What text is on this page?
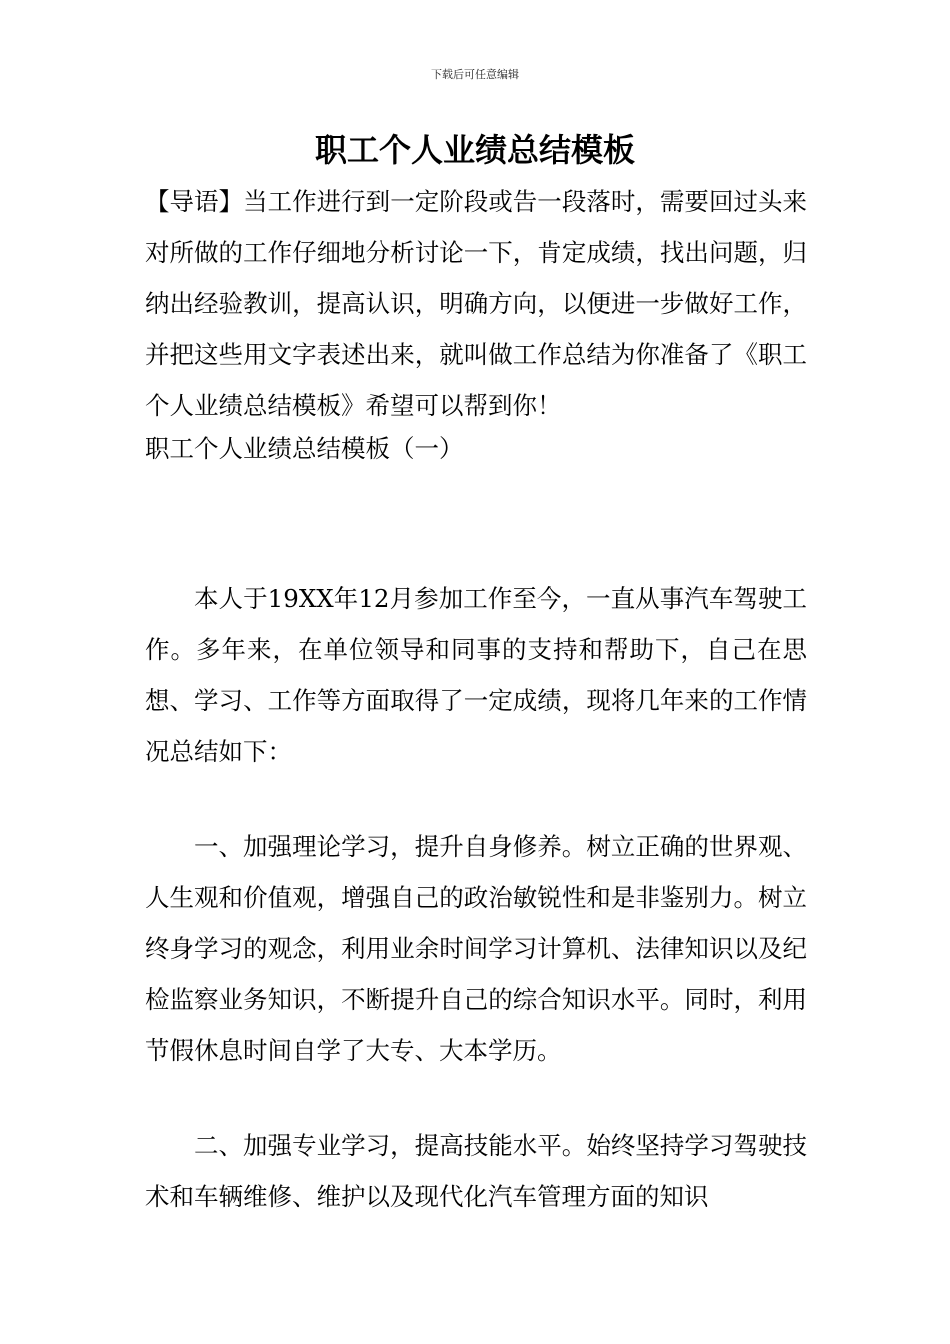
下载后可任意编辑
职工个人业绩总结模板
【导语】当工作进行到一定阶段或告一段落时，需要回过头来对所做的工作仔细地分析讨论一下，肯定成绩，找出问题，归纳出经验教训，提高认识，明确方向，以便进一步做好工作，并把这些用文字表述出来，就叫做工作总结为你准备了《职工个人业绩总结模板》希望可以帮到你！
职工个人业绩总结模板（一）
本人于19XX年12月参加工作至今，一直从事汽车驾驶工作。多年来，在单位领导和同事的支持和帮助下，自己在思想、学习、工作等方面取得了一定成绩，现将几年来的工作情况总结如下：
一、加强理论学习，提升自身修养。树立正确的世界观、人生观和价值观，增强自己的政治敏锐性和是非鉴别力。树立终身学习的观念，利用业余时间学习计算机、法律知识以及纪检监察业务知识，不断提升自己的综合知识水平。同时，利用节假休息时间自学了大专、大本学历。
二、加强专业学习，提高技能水平。始终坚持学习驾驶技术和车辆维修、维护以及现代化汽车管理方面的知识
